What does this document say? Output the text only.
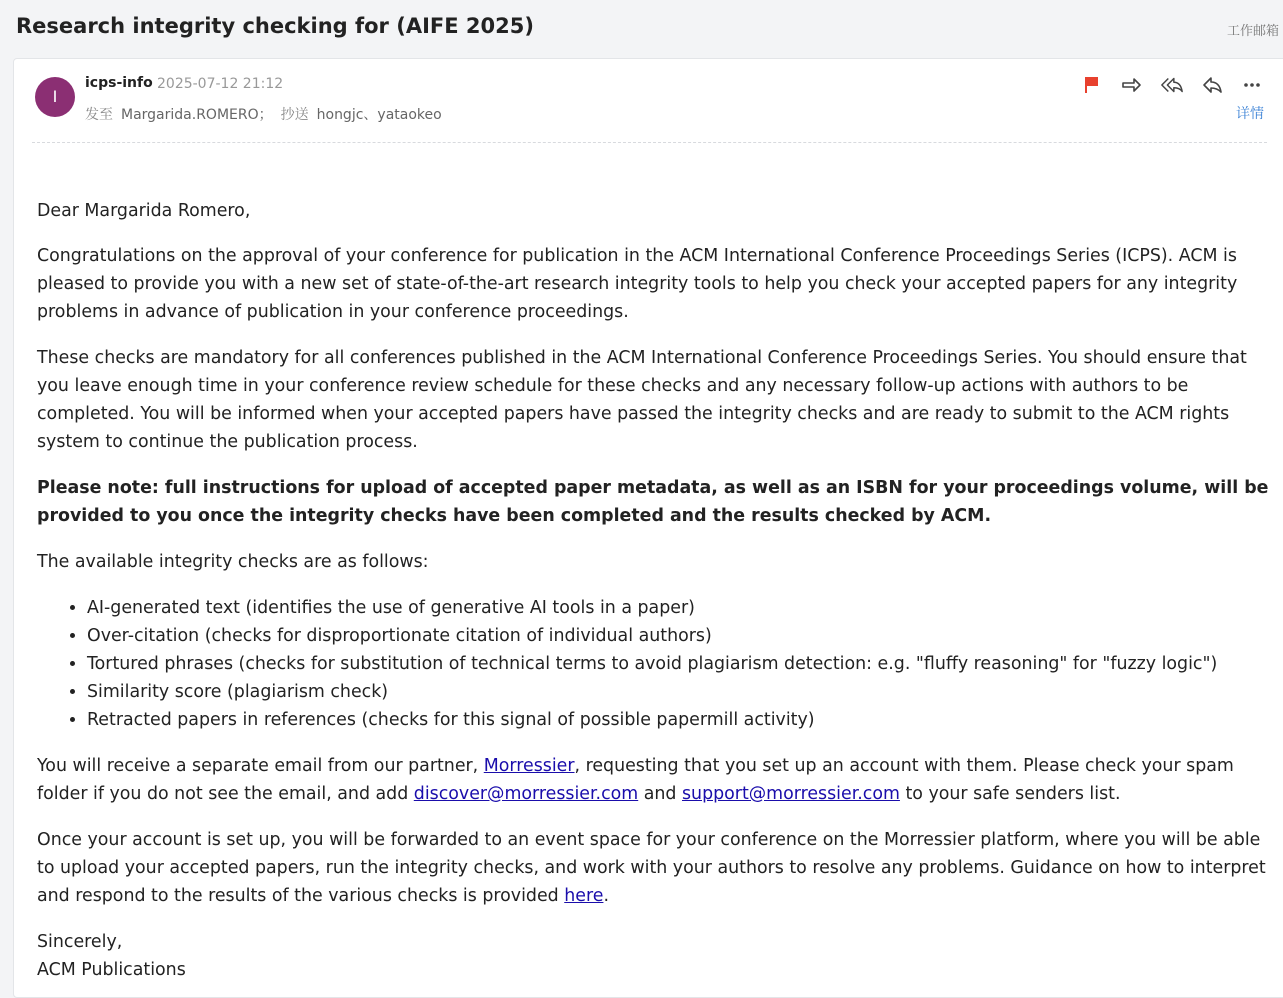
Research integrity checking for (AIFE 2025)	工作邮箱
I
icps-info 2025-07-12 21:12
发至 Margarida.ROMERO； 抄送 hongjc、yataokeo	详情

Dear Margarida Romero,

Congratulations on the approval of your conference for publication in the ACM International Conference Proceedings Series (ICPS). ACM is pleased to provide you with a new set of state-of-the-art research integrity tools to help you check your accepted papers for any integrity problems in advance of publication in your conference proceedings.

These checks are mandatory for all conferences published in the ACM International Conference Proceedings Series. You should ensure that you leave enough time in your conference review schedule for these checks and any necessary follow-up actions with authors to be completed. You will be informed when your accepted papers have passed the integrity checks and are ready to submit to the ACM rights system to continue the publication process.

Please note: full instructions for upload of accepted paper metadata, as well as an ISBN for your proceedings volume, will be provided to you once the integrity checks have been completed and the results checked by ACM.

The available integrity checks are as follows:

• AI-generated text (identifies the use of generative AI tools in a paper)
• Over-citation (checks for disproportionate citation of individual authors)
• Tortured phrases (checks for substitution of technical terms to avoid plagiarism detection: e.g. "fluffy reasoning" for "fuzzy logic")
• Similarity score (plagiarism check)
• Retracted papers in references (checks for this signal of possible papermill activity)

You will receive a separate email from our partner, Morressier, requesting that you set up an account with them. Please check your spam folder if you do not see the email, and add discover@morressier.com and support@morressier.com to your safe senders list.

Once your account is set up, you will be forwarded to an event space for your conference on the Morressier platform, where you will be able to upload your accepted papers, run the integrity checks, and work with your authors to resolve any problems. Guidance on how to interpret and respond to the results of the various checks is provided here.

Sincerely,
ACM Publications
